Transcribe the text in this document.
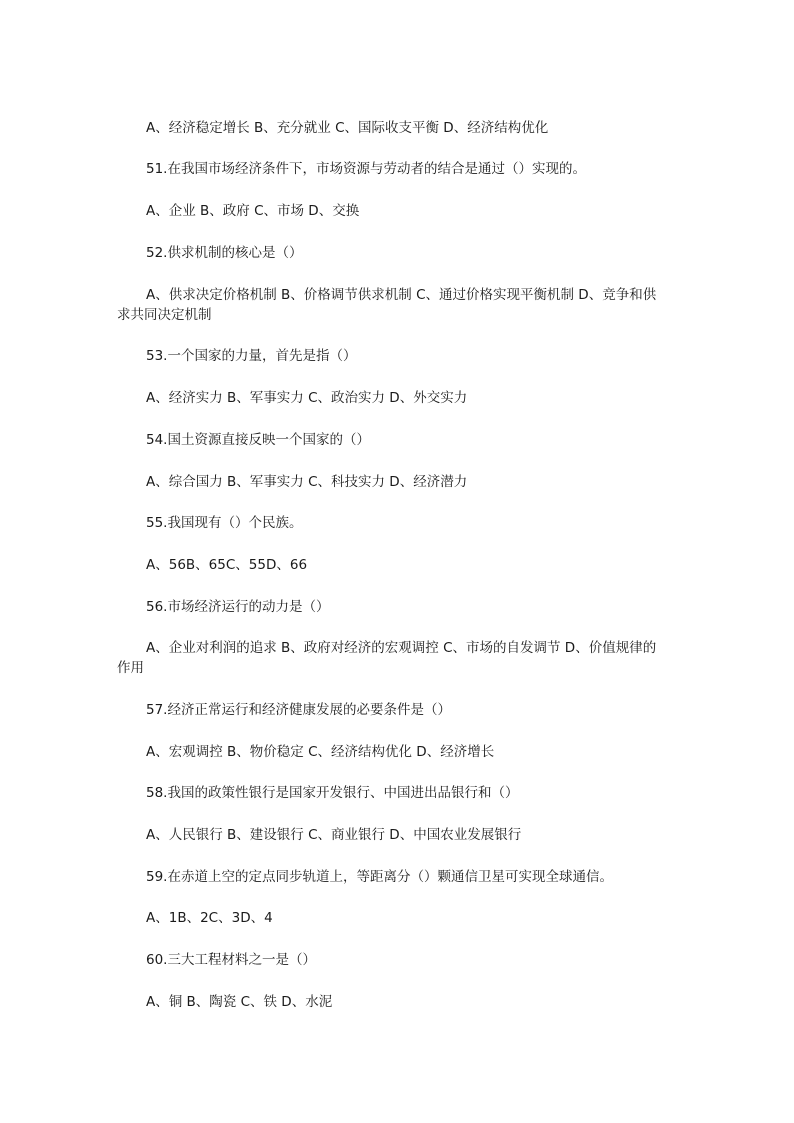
A、经济稳定增长 B、充分就业 C、国际收支平衡 D、经济结构优化
51.在我国市场经济条件下，市场资源与劳动者的结合是通过（）实现的。
A、企业 B、政府 C、市场 D、交换
52.供求机制的核心是（）
A、供求决定价格机制 B、价格调节供求机制 C、通过价格实现平衡机制 D、竞争和供
求共同决定机制
53.一个国家的力量，首先是指（）
A、经济实力 B、军事实力 C、政治实力 D、外交实力
54.国土资源直接反映一个国家的（）
A、综合国力 B、军事实力 C、科技实力 D、经济潜力
55.我国现有（）个民族。
A、56B、65C、55D、66
56.市场经济运行的动力是（）
A、企业对利润的追求 B、政府对经济的宏观调控 C、市场的自发调节 D、价值规律的
作用
57.经济正常运行和经济健康发展的必要条件是（）
A、宏观调控 B、物价稳定 C、经济结构优化 D、经济增长
58.我国的政策性银行是国家开发银行、中国进出品银行和（）
A、人民银行 B、建设银行 C、商业银行 D、中国农业发展银行
59.在赤道上空的定点同步轨道上，等距离分（）颗通信卫星可实现全球通信。
A、1B、2C、3D、4
60.三大工程材料之一是（）
A、铜 B、陶瓷 C、铁 D、水泥
